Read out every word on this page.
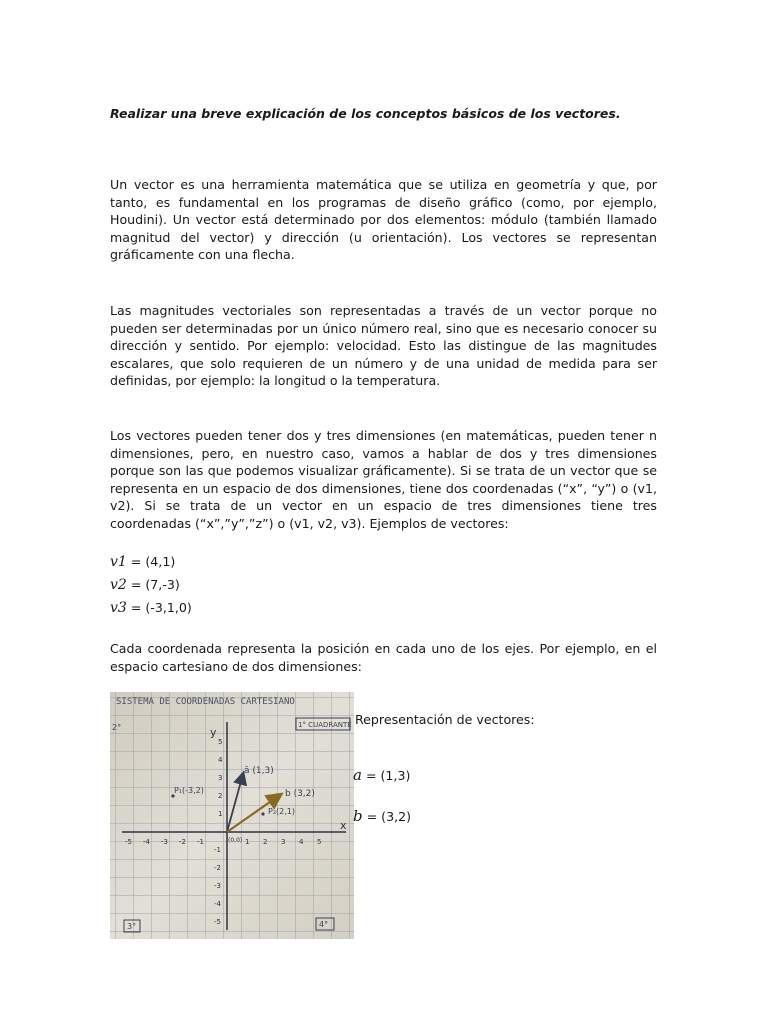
Realizar una breve explicación de los conceptos básicos de los vectores.

Un vector es una herramienta matemática que se utiliza en geometría y que, por tanto, es fundamental en los programas de diseño gráfico (como, por ejemplo, Houdini). Un vector está determinado por dos elementos: módulo (también llamado magnitud del vector) y dirección (u orientación). Los vectores se representan gráficamente con una flecha.

Las magnitudes vectoriales son representadas a través de un vector porque no pueden ser determinadas por un único número real, sino que es necesario conocer su dirección y sentido. Por ejemplo: velocidad. Esto las distingue de las magnitudes escalares, que solo requieren de un número y de una unidad de medida para ser definidas, por ejemplo: la longitud o la temperatura.

Los vectores pueden tener dos y tres dimensiones (en matemáticas, pueden tener n dimensiones, pero, en nuestro caso, vamos a hablar de dos y tres dimensiones porque son las que podemos visualizar gráficamente). Si se trata de un vector que se representa en un espacio de dos dimensiones, tiene dos coordenadas (“x”, “y”) o (v1, v2). Si se trata de un vector en un espacio de tres dimensiones tiene tres coordenadas (“x”,”y”,”z”) o (v1, v2, v3). Ejemplos de vectores:

v1 = (4,1)
v2 = (7,-3)
v3 = (-3,1,0)

Cada coordenada representa la posición en cada uno de los ejes. Por ejemplo, en el espacio cartesiano de dos dimensiones:

SISTEMA DE COORDENADAS CARTESIANO
1° CUADRANTE
2°	y
x
(0,0)
-5 -4 -3 -2 -1	1 2 3 4 5
1
2
3
4
5
-1
-2
-3
-4
-5
ā (1,3)
b (3,2)
P₁(-3,2)
P₂(2,1)
3°	4°
Representación de vectores:
a = (1,3)
b = (3,2)
